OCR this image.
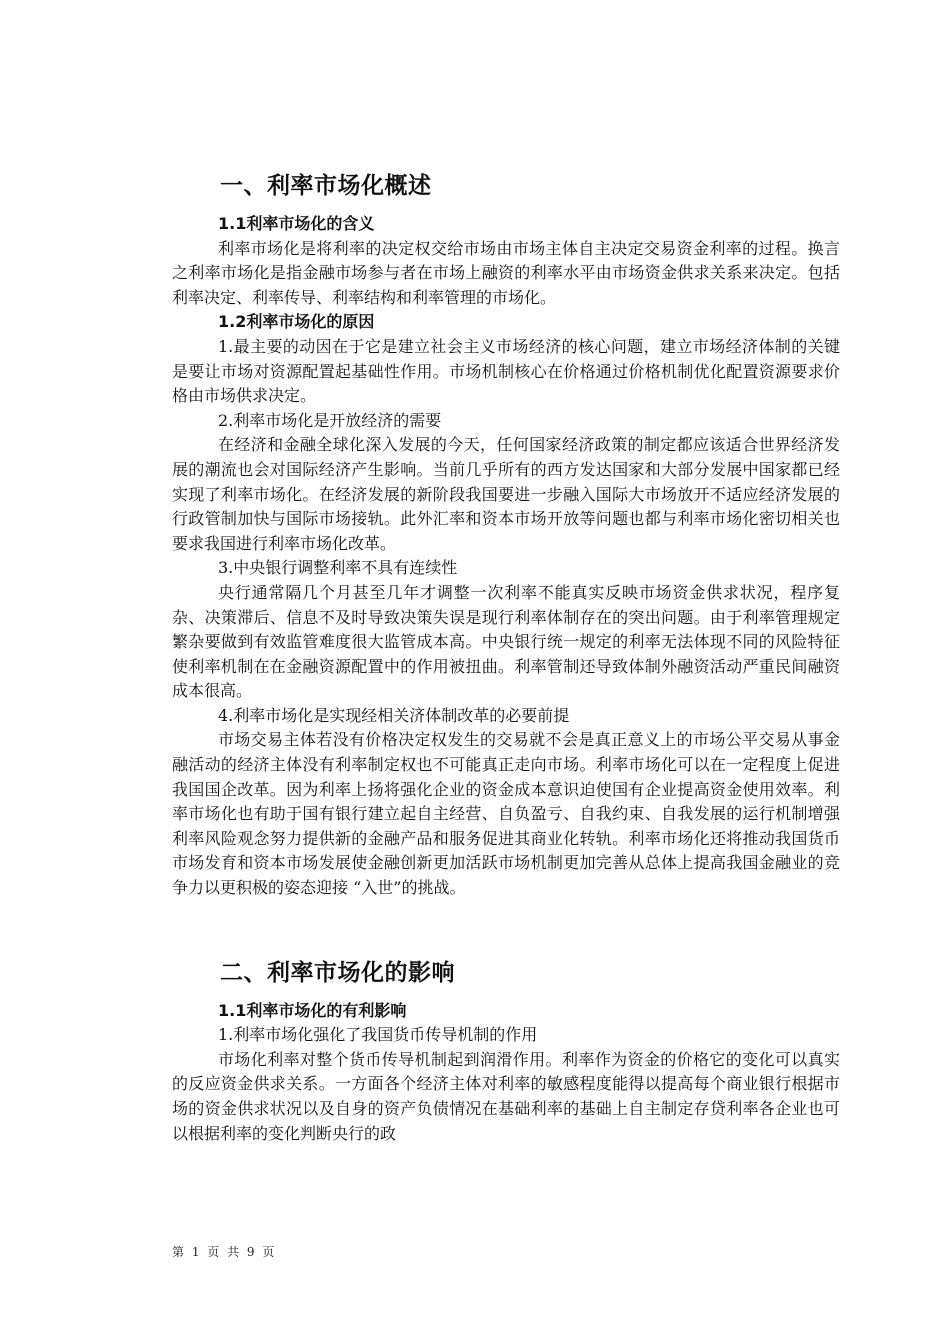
一、利率市场化概述
1.1利率市场化的含义

利率市场化是将利率的决定权交给市场由市场主体自主决定交易资金利率的过程。换言之利率市场化是指金融市场参与者在市场上融资的利率水平由市场资金供求关系来决定。包括利率决定、利率传导、利率结构和利率管理的市场化。

1.2利率市场化的原因

1.最主要的动因在于它是建立社会主义市场经济的核心问题，建立市场经济体制的关键是要让市场对资源配置起基础性作用。市场机制核心在价格通过价格机制优化配置资源要求价格由市场供求决定。

2.利率市场化是开放经济的需要

在经济和金融全球化深入发展的今天，任何国家经济政策的制定都应该适合世界经济发展的潮流也会对国际经济产生影响。当前几乎所有的西方发达国家和大部分发展中国家都已经实现了利率市场化。在经济发展的新阶段我国要进一步融入国际大市场放开不适应经济发展的行政管制加快与国际市场接轨。此外汇率和资本市场开放等问题也都与利率市场化密切相关也要求我国进行利率市场化改革。

3.中央银行调整利率不具有连续性

央行通常隔几个月甚至几年才调整一次利率不能真实反映市场资金供求状况，程序复杂、决策滞后、信息不及时导致决策失误是现行利率体制存在的突出问题。由于利率管理规定繁杂要做到有效监管难度很大监管成本高。中央银行统一规定的利率无法体现不同的风险特征使利率机制在在金融资源配置中的作用被扭曲。利率管制还导致体制外融资活动严重民间融资成本很高。

4.利率市场化是实现经相关济体制改革的必要前提

市场交易主体若没有价格决定权发生的交易就不会是真正意义上的市场公平交易从事金融活动的经济主体没有利率制定权也不可能真正走向市场。利率市场化可以在一定程度上促进我国国企改革。因为利率上扬将强化企业的资金成本意识迫使国有企业提高资金使用效率。利率市场化也有助于国有银行建立起自主经营、自负盈亏、自我约束、自我发展的运行机制增强利率风险观念努力提供新的金融产品和服务促进其商业化转轨。利率市场化还将推动我国货币市场发育和资本市场发展使金融创新更加活跃市场机制更加完善从总体上提高我国金融业的竞争力以更积极的姿态迎接 “入世”的挑战。

二、利率市场化的影响
1.1利率市场化的有利影响

1.利率市场化强化了我国货币传导机制的作用

市场化利率对整个货币传导机制起到润滑作用。利率作为资金的价格它的变化可以真实的反应资金供求关系。一方面各个经济主体对利率的敏感程度能得以提高每个商业银行根据市场的资金供求状况以及自身的资产负债情况在基础利率的基础上自主制定存贷利率各企业也可以根据利率的变化判断央行的政

第 1 页 共 9 页
